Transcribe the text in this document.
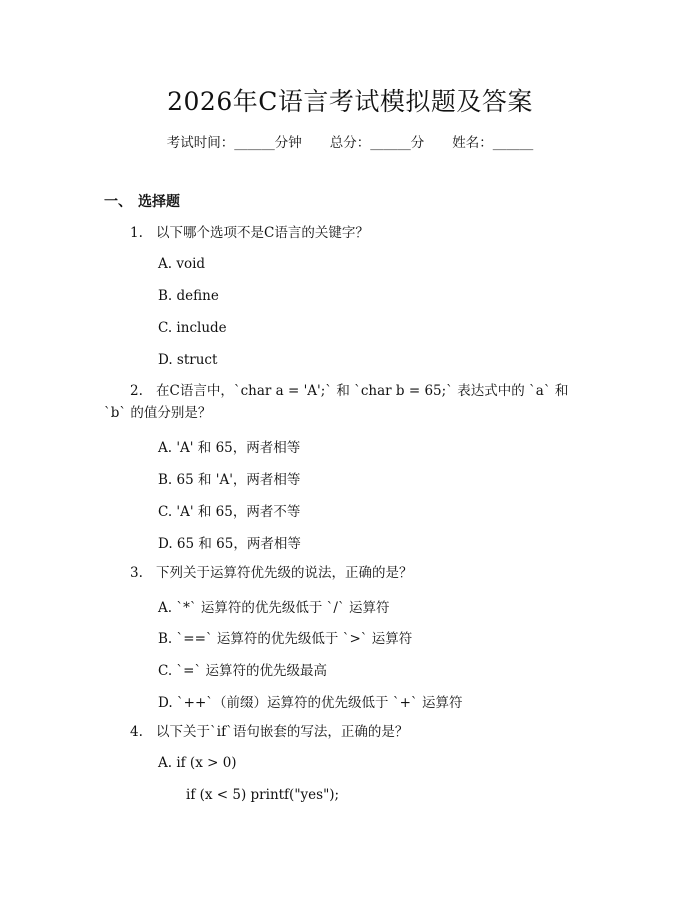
2026年C语言考试模拟题及答案

考试时间：______分钟 总分：______分 姓名：______

一、 选择题

1. 以下哪个选项不是C语言的关键字？

A. void

B. define

C. include

D. struct

2. 在C语言中，`char a = 'A';` 和 `char b = 65;` 表达式中的 `a` 和 `b` 的值分别是？

A. 'A' 和 65，两者相等

B. 65 和 'A'，两者相等

C. 'A' 和 65，两者不等

D. 65 和 65，两者相等

3. 下列关于运算符优先级的说法，正确的是？

A. `*` 运算符的优先级低于 `/` 运算符

B. `==` 运算符的优先级低于 `>` 运算符

C. `=` 运算符的优先级最高

D. `++`（前缀）运算符的优先级低于 `+` 运算符

4. 以下关于`if`语句嵌套的写法，正确的是？

A. if (x > 0)

if (x < 5) printf("yes");
